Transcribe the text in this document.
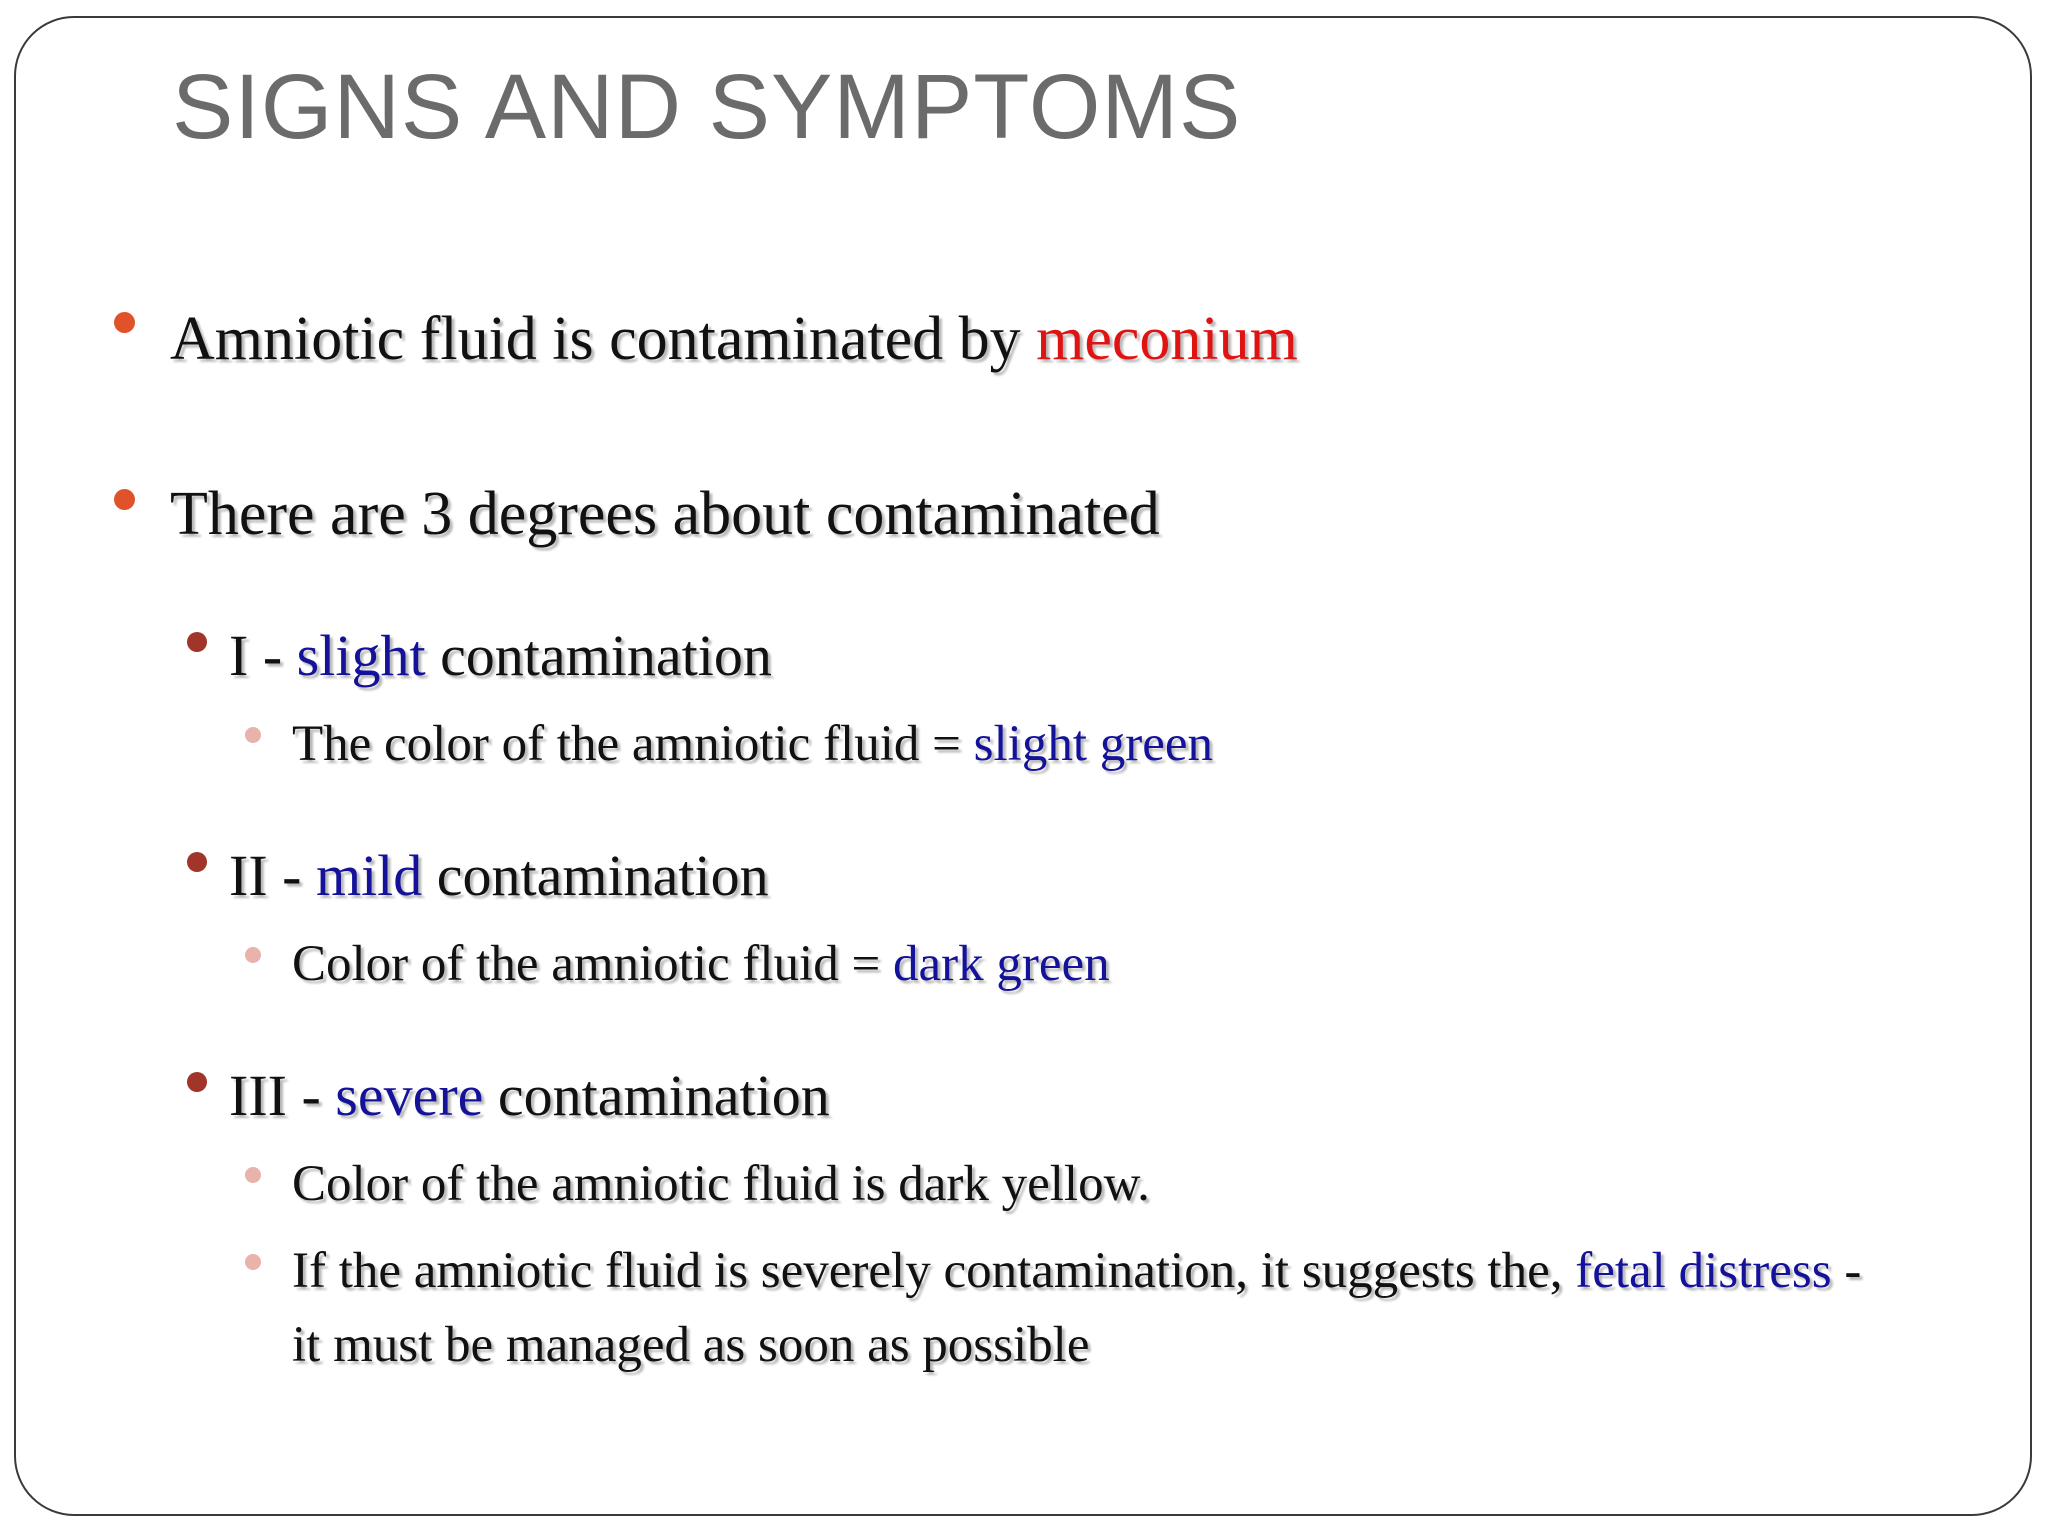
SIGNS AND SYMPTOMS
Amniotic fluid is contaminated by meconium
There are 3 degrees about contaminated
I - slight contamination
The color of the amniotic fluid = slight green
II - mild contamination
Color of the amniotic fluid = dark green
III - severe contamination
Color of the amniotic fluid is dark yellow.
If the amniotic fluid is severely contamination, it suggests the, fetal distress -
it must be managed as soon as possible
